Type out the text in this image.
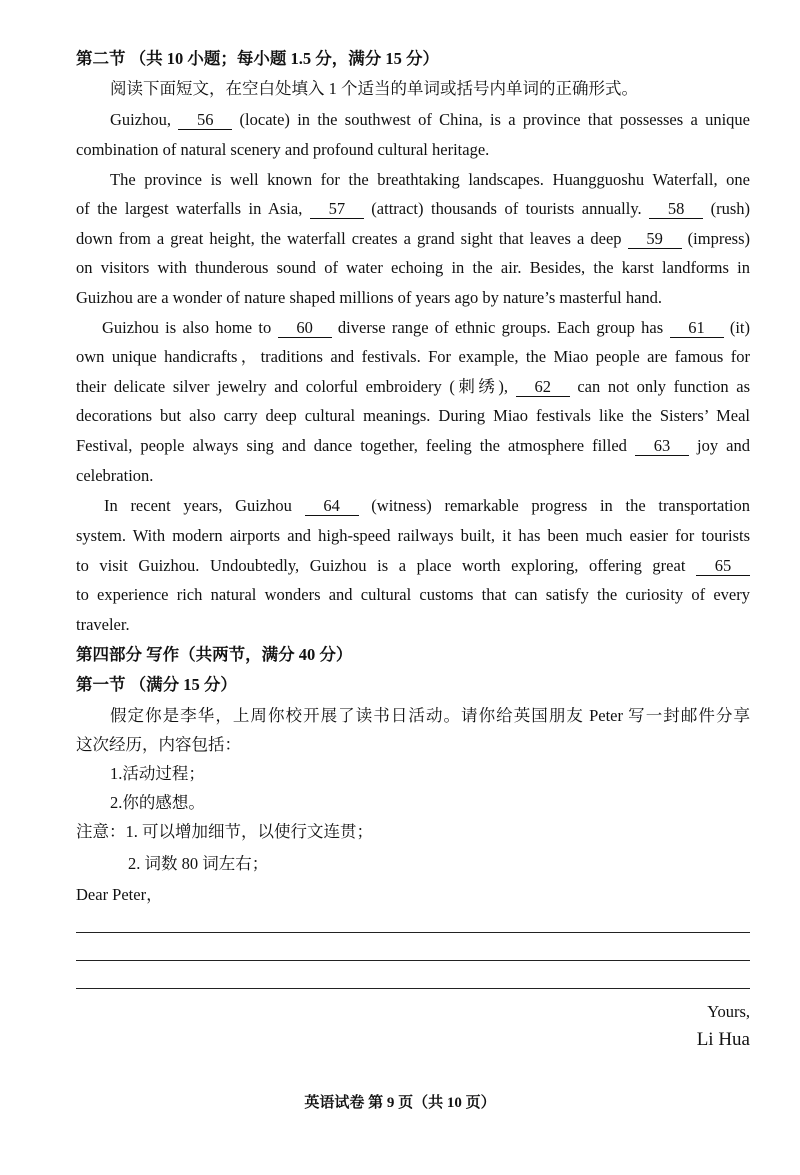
Yours,
Li Hua
英语试卷 第 9 页（共 10 页）
第二节 （共 10 小题；每小题 1.5 分，满分 15 分）
阅读下面短文，在空白处填入 1 个适当的单词或括号内单词的正确形式。
Guizhou, 56 (locate) in the southwest of China, is a province that possesses a unique
combination of natural scenery and profound cultural heritage.
The province is well known for the breathtaking landscapes. Huangguoshu Waterfall, one
of the largest waterfalls in Asia, 57 (attract) thousands of tourists annually. 58 (rush)
down from a great height, the waterfall creates a grand sight that leaves a deep 59 (impress)
on visitors with thunderous sound of water echoing in the air. Besides, the karst landforms in
Guizhou are a wonder of nature shaped millions of years ago by nature’s masterful hand.
Guizhou is also home to 60 diverse range of ethnic groups. Each group has 61 (it)
own unique handicrafts，traditions and festivals. For example, the Miao people are famous for
their delicate silver jewelry and colorful embroidery (刺绣), 62 can not only function as
decorations but also carry deep cultural meanings. During Miao festivals like the Sisters’ Meal
Festival, people always sing and dance together, feeling the atmosphere filled 63 joy and
celebration.
In recent years, Guizhou 64 (witness) remarkable progress in the transportation
system. With modern airports and high-speed railways built, it has been much easier for tourists
to visit Guizhou. Undoubtedly, Guizhou is a place worth exploring, offering great 65
to experience rich natural wonders and cultural customs that can satisfy the curiosity of every
traveler.
第四部分 写作（共两节，满分 40 分）
第一节 （满分 15 分）
假定你是李华，上周你校开展了读书日活动。请你给英国朋友 Peter 写一封邮件分享
这次经历，内容包括：
1.活动过程；
2.你的感想。
注意：1. 可以增加细节，以使行文连贯；
2. 词数 80 词左右；
Dear Peter，
